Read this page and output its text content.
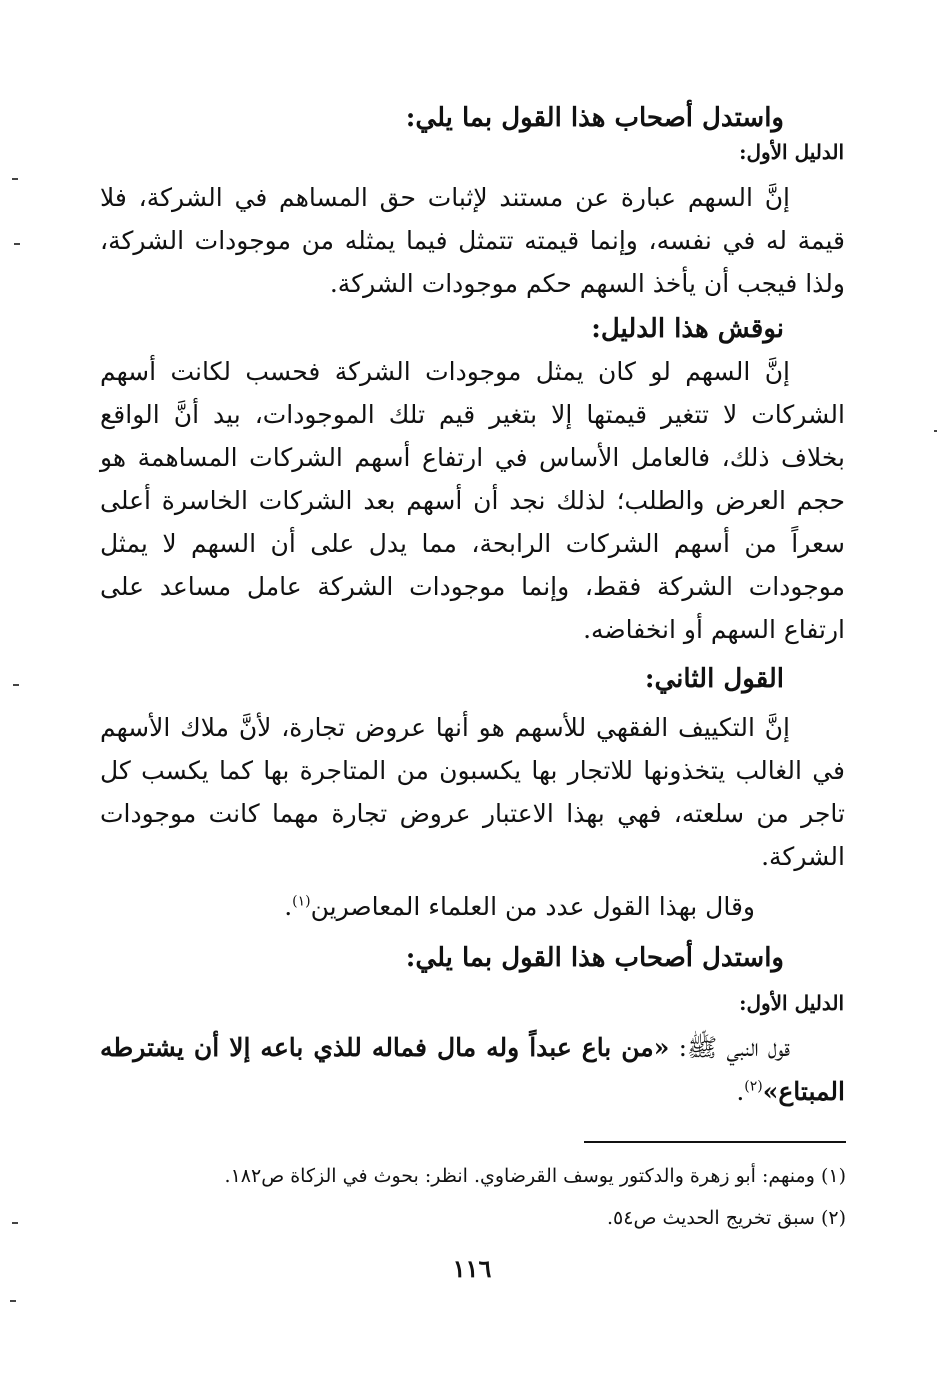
واستدل أصحاب هذا القول بما يلي:
الدليل الأول:
إنَّ السهم عبارة عن مستند لإثبات حق المساهم في الشركة، فلا قيمة له في نفسه، وإنما قيمته تتمثل فيما يمثله من موجودات الشركة، ولذا فيجب أن يأخذ السهم حكم موجودات الشركة.
نوقش هذا الدليل:
إنَّ السهم لو كان يمثل موجودات الشركة فحسب لكانت أسهم الشركات لا تتغير قيمتها إلا بتغير قيم تلك الموجودات، بيد أنَّ الواقع بخلاف ذلك، فالعامل الأساس في ارتفاع أسهم الشركات المساهمة هو حجم العرض والطلب؛ لذلك نجد أن أسهم بعد الشركات الخاسرة أعلى سعراً من أسهم الشركات الرابحة، مما يدل على أن السهم لا يمثل موجودات الشركة فقط، وإنما موجودات الشركة عامل مساعد على ارتفاع السهم أو انخفاضه.
القول الثاني:
إنَّ التكييف الفقهي للأسهم هو أنها عروض تجارة، لأنَّ ملاك الأسهم في الغالب يتخذونها للاتجار بها يكسبون من المتاجرة بها كما يكسب كل تاجر من سلعته، فهي بهذا الاعتبار عروض تجارة مهما كانت موجودات الشركة.
وقال بهذا القول عدد من العلماء المعاصرين$^{(١)}$.
واستدل أصحاب هذا القول بما يلي:
الدليل الأول:
قول النبي ﷺ: «من باع عبداً وله مال فماله للذي باعه إلا أن يشترطه المبتاع»$^{(٢)}$.
(١) ومنهم: أبو زهرة والدكتور يوسف القرضاوي. انظر: بحوث في الزكاة ص١٨٢.
(٢) سبق تخريج الحديث ص٥٤.
١١٦
